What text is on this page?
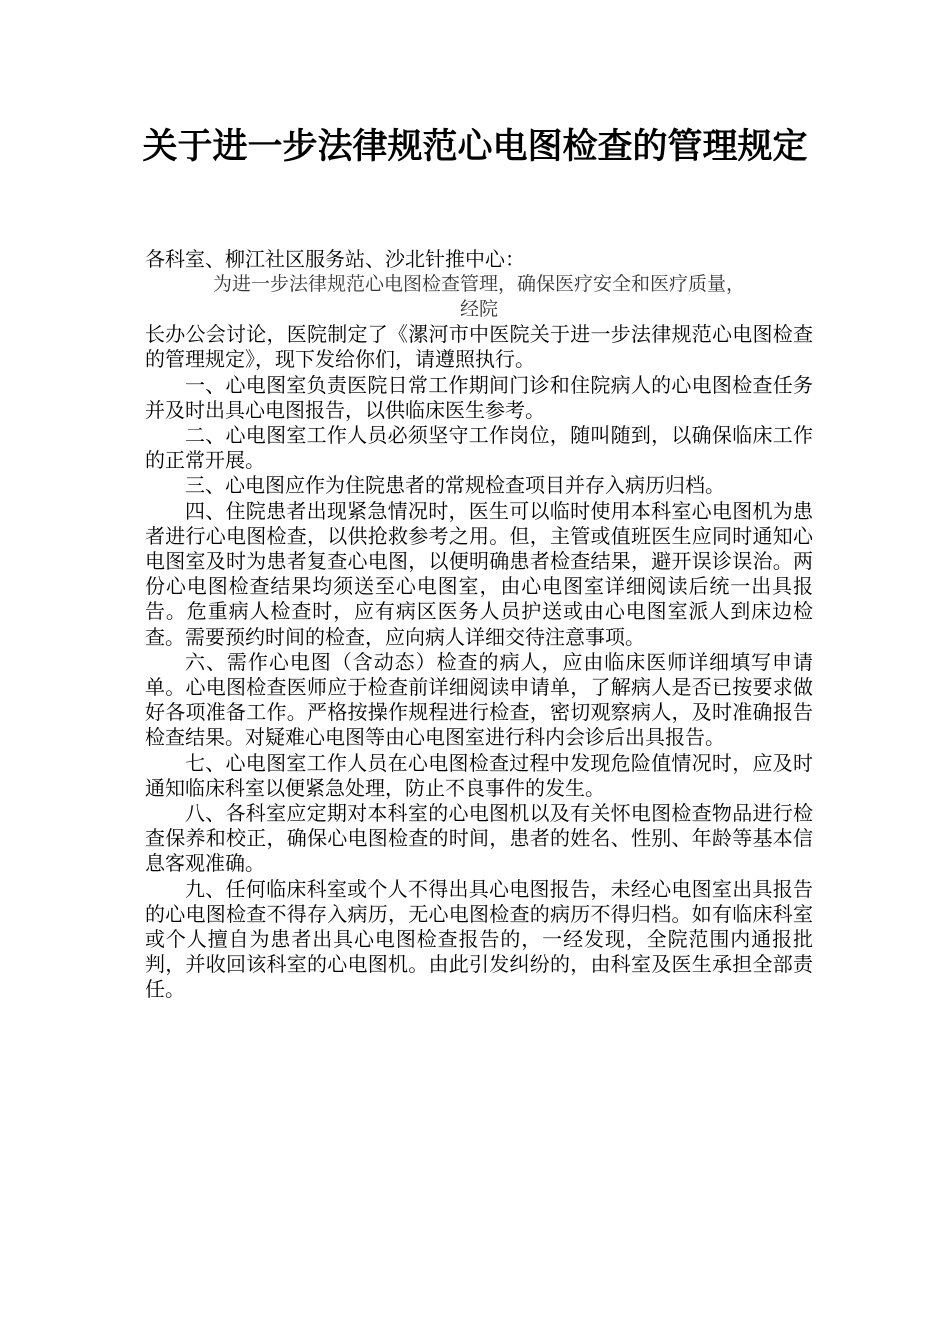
关于进一步法律规范心电图检查的管理规定
各科室、柳江社区服务站、沙北针推中心：
为进一步法律规范心电图检查管理，确保医疗安全和医疗质量，
经院
长办公会讨论，医院制定了《漯河市中医院关于进一步法律规范心电图检查的管理规定》，现下发给你们，请遵照执行。
一、心电图室负责医院日常工作期间门诊和住院病人的心电图检查任务并及时出具心电图报告，以供临床医生参考。
二、心电图室工作人员必须坚守工作岗位，随叫随到，以确保临床工作的正常开展。
三、心电图应作为住院患者的常规检查项目并存入病历归档。
四、住院患者出现紧急情况时，医生可以临时使用本科室心电图机为患者进行心电图检查，以供抢救参考之用。但，主管或值班医生应同时通知心电图室及时为患者复查心电图，以便明确患者检查结果，避开误诊误治。两份心电图检查结果均须送至心电图室，由心电图室详细阅读后统一出具报告。危重病人检查时，应有病区医务人员护送或由心电图室派人到床边检查。需要预约时间的检查，应向病人详细交待注意事项。
六、需作心电图（含动态）检查的病人，应由临床医师详细填写申请单。心电图检查医师应于检查前详细阅读申请单，了解病人是否已按要求做好各项准备工作。严格按操作规程进行检查，密切观察病人，及时准确报告检查结果。对疑难心电图等由心电图室进行科内会诊后出具报告。
七、心电图室工作人员在心电图检查过程中发现危险值情况时，应及时通知临床科室以便紧急处理，防止不良事件的发生。
八、各科室应定期对本科室的心电图机以及有关怀电图检查物品进行检查保养和校正，确保心电图检查的时间，患者的姓名、性别、年龄等基本信息客观准确。
九、任何临床科室或个人不得出具心电图报告，未经心电图室出具报告的心电图检查不得存入病历，无心电图检查的病历不得归档。如有临床科室或个人擅自为患者出具心电图检查报告的，一经发现，全院范围内通报批判，并收回该科室的心电图机。由此引发纠纷的，由科室及医生承担全部责任。
